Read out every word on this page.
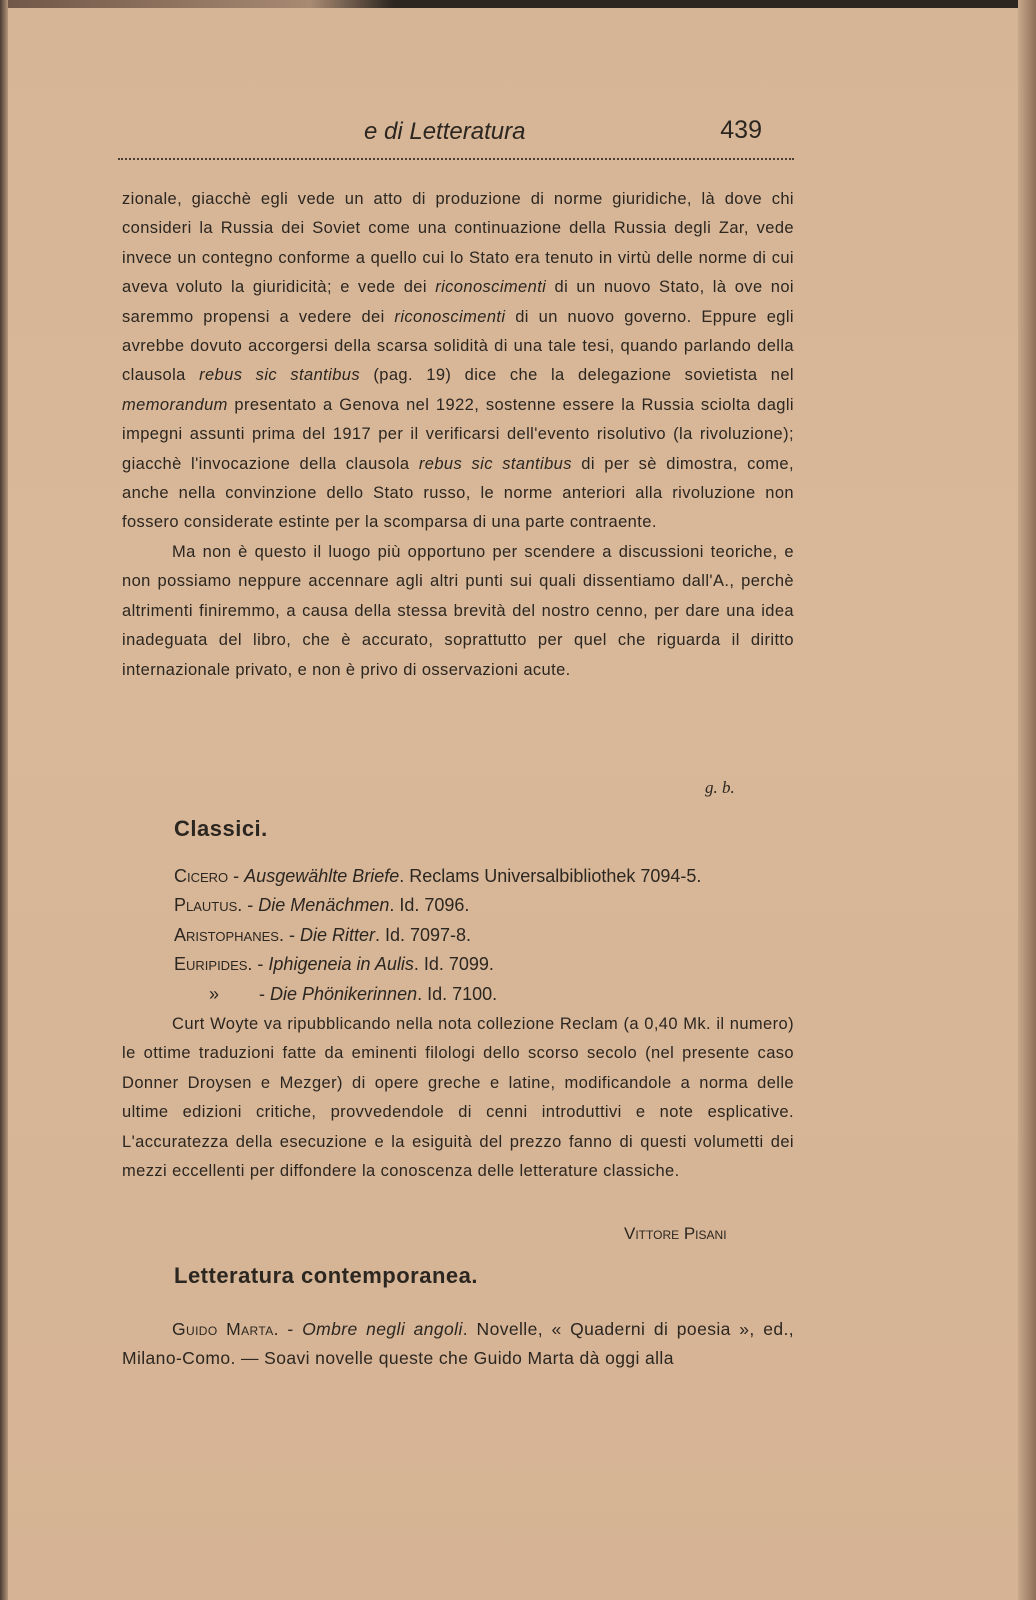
e di Letteratura	439

zionale, giacchè egli vede un atto di produzione di norme giuridiche, là dove chi consideri la Russia dei Soviet come una continuazione della Russia degli Zar, vede invece un contegno conforme a quello cui lo Stato era tenuto in virtù delle norme di cui aveva voluto la giuridicità; e vede dei riconoscimenti di un nuovo Stato, là ove noi saremmo propensi a vedere dei riconoscimenti di un nuovo governo. Eppure egli avrebbe dovuto accorgersi della scarsa solidità di una tale tesi, quando parlando della clausola rebus sic stantibus (pag. 19) dice che la delegazione sovietista nel memorandum presentato a Genova nel 1922, sostenne essere la Russia sciolta dagli impegni assunti prima del 1917 per il verificarsi dell'evento risolutivo (la rivoluzione); giacchè l'invocazione della clausola rebus sic stantibus di per sè dimostra, come, anche nella convinzione dello Stato russo, le norme anteriori alla rivoluzione non fossero considerate estinte per la scomparsa di una parte contraente.

Ma non è questo il luogo più opportuno per scendere a discussioni teoriche, e non possiamo neppure accennare agli altri punti sui quali dissentiamo dall'A., perchè altrimenti finiremmo, a causa della stessa brevità del nostro cenno, per dare una idea inadeguata del libro, che è accurato, soprattutto per quel che riguarda il diritto internazionale privato, e non è privo di osservazioni acute.

g. b.
Classici.
Cicero - Ausgewählte Briefe. Reclams Universalbibliothek 7094-5.
Plautus. - Die Menächmen. Id. 7096.
Aristophanes. - Die Ritter. Id. 7097-8.
Euripides. - Iphigeneia in Aulis. Id. 7099.
» - Die Phönikerinnen. Id. 7100.

Curt Woyte va ripubblicando nella nota collezione Reclam (a 0,40 Mk. il numero) le ottime traduzioni fatte da eminenti filologi dello scorso secolo (nel presente caso Donner Droysen e Mezger) di opere greche e latine, modificandole a norma delle ultime edizioni critiche, provvedendole di cenni introduttivi e note esplicative. L'accuratezza della esecuzione e la esiguità del prezzo fanno di questi volumetti dei mezzi eccellenti per diffondere la conoscenza delle letterature classiche.

Vittore Pisani
Letteratura contemporanea.

Guido Marta. - Ombre negli angoli. Novelle, « Quaderni di poesia », ed., Milano-Como. — Soavi novelle queste che Guido Marta dà oggi alla
